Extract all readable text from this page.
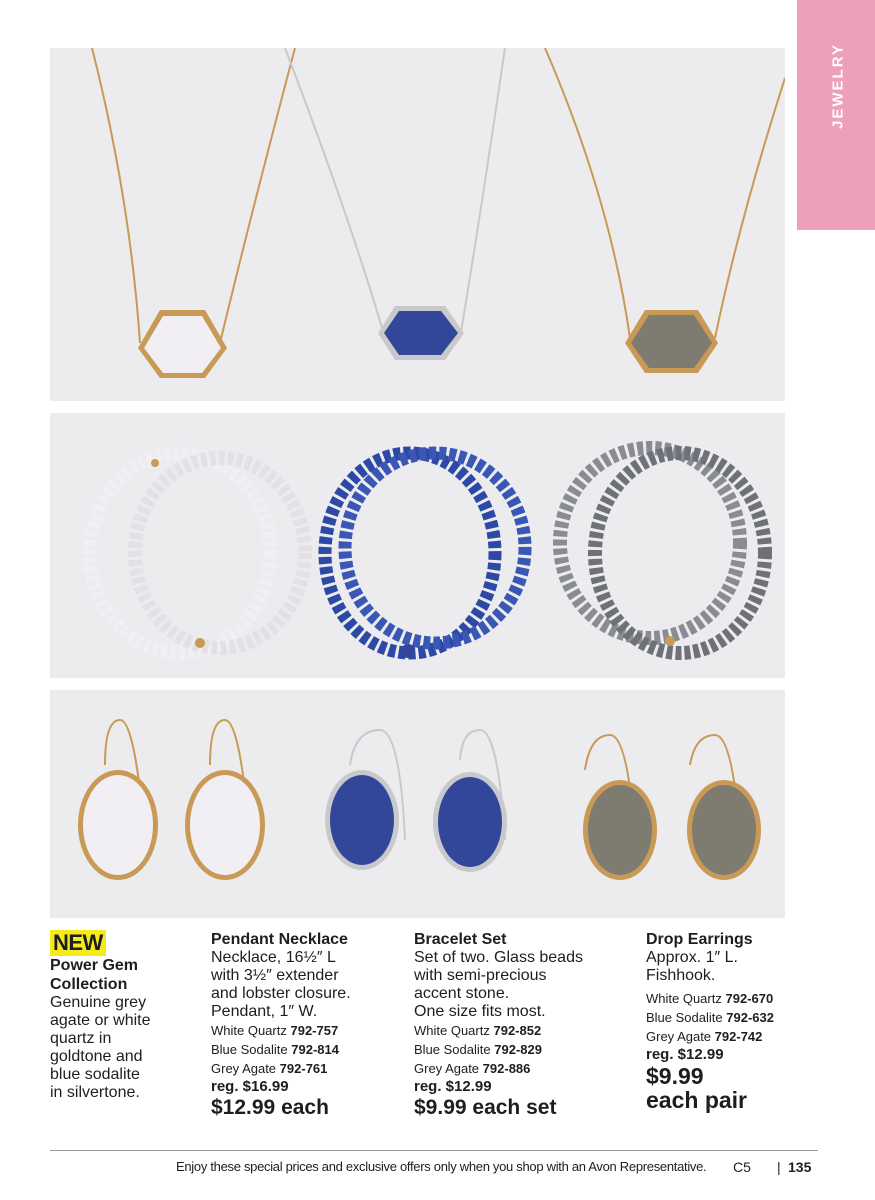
JEWELRY
NEW
Power Gem
Collection
Genuine grey
agate or white
quartz in
goldtone and
blue sodalite
in silvertone.
Pendant Necklace
Necklace, 16½″ L
with 3½″ extender
and lobster closure.
Pendant, 1″ W.
White Quartz 792-757
Blue Sodalite 792-814
Grey Agate 792-761
reg. $16.99
$12.99 each
Bracelet Set
Set of two. Glass beads
with semi-precious
accent stone.
One size fits most.
White Quartz 792-852
Blue Sodalite 792-829
Grey Agate 792-886
reg. $12.99
$9.99 each set
Drop Earrings
Approx. 1″ L.
Fishhook.
White Quartz 792-670
Blue Sodalite 792-632
Grey Agate 792-742
reg. $12.99
$9.99
each pair
Enjoy these special prices and exclusive offers only when you shop with an Avon Representative. C5 | 135
